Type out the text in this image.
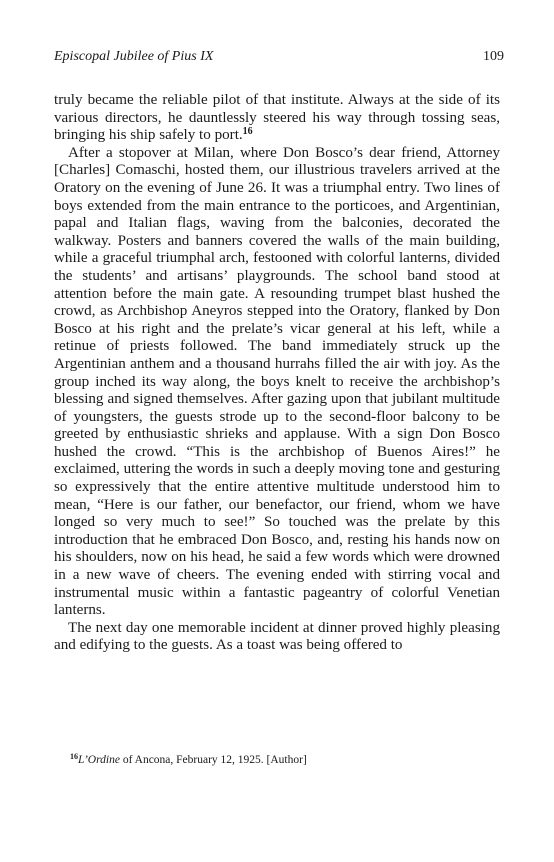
Episcopal Jubilee of Pius IX	109

truly became the reliable pilot of that institute. Always at the side of its various directors, he dauntlessly steered his way through tossing seas, bringing his ship safely to port.$^{16}$

After a stopover at Milan, where Don Bosco’s dear friend, Attorney [Charles] Comaschi, hosted them, our illustrious travelers arrived at the Oratory on the evening of June 26. It was a triumphal entry. Two lines of boys extended from the main entrance to the porticoes, and Argentinian, papal and Italian flags, waving from the balconies, decorated the walkway. Posters and banners covered the walls of the main building, while a graceful triumphal arch, festooned with colorful lanterns, divided the students’ and artisans’ playgrounds. The school band stood at attention before the main gate. A resounding trumpet blast hushed the crowd, as Archbishop Aneyros stepped into the Oratory, flanked by Don Bosco at his right and the prelate’s vicar general at his left, while a retinue of priests followed. The band immediately struck up the Argentinian anthem and a thousand hurrahs filled the air with joy. As the group inched its way along, the boys knelt to receive the archbishop’s blessing and signed themselves. After gazing upon that jubilant multitude of youngsters, the guests strode up to the second-floor balcony to be greeted by enthusiastic shrieks and applause. With a sign Don Bosco hushed the crowd. “This is the archbishop of Buenos Aires!” he exclaimed, uttering the words in such a deeply moving tone and gesturing so expressively that the entire attentive multitude understood him to mean, “Here is our father, our benefactor, our friend, whom we have longed so very much to see!” So touched was the prelate by this introduction that he embraced Don Bosco, and, resting his hands now on his shoulders, now on his head, he said a few words which were drowned in a new wave of cheers. The evening ended with stirring vocal and instrumental music within a fantastic pageantry of colorful Venetian lanterns.

The next day one memorable incident at dinner proved highly pleasing and edifying to the guests. As a toast was being offered to

$^{16}$L’Ordine of Ancona, February 12, 1925. [Author]
